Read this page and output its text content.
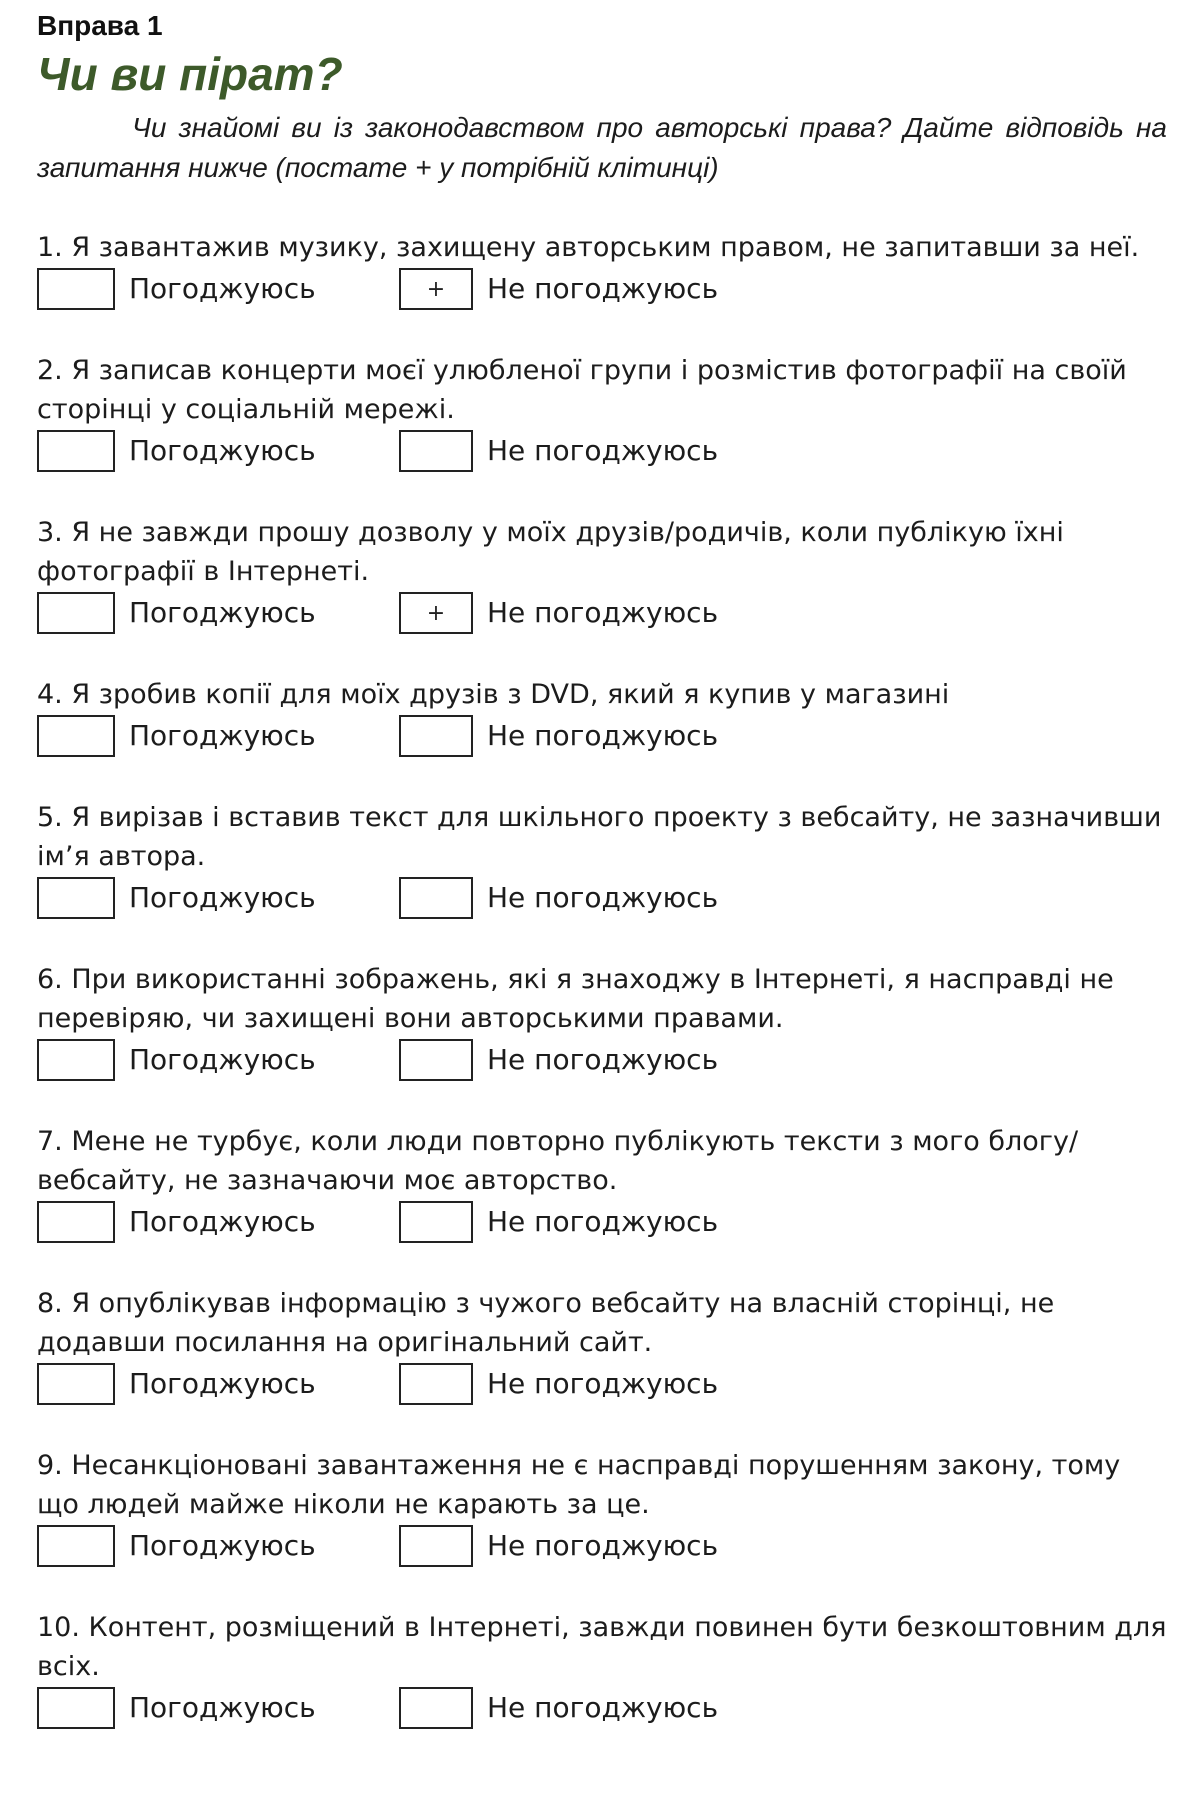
Вправа 1

Чи ви пірат?

Чи знайомі ви із законодавством про авторські права? Дайте відповідь на запитання нижче (постате + у потрібній клітинці)

1. Я завантажив музику, захищену авторським правом, не запитавши за неї.

Погоджуюсь	+	Не погоджуюсь

2. Я записав концерти моєї улюбленої групи і розмістив фотографії на своїй сторінці у соціальній мережі.

Погоджуюсь	Не погоджуюсь

3. Я не завжди прошу дозволу у моїх друзів/родичів, коли публікую їхні фотографії в Інтернеті.

Погоджуюсь	+	Не погоджуюсь

4. Я зробив копії для моїх друзів з DVD, який я купив у магазині

Погоджуюсь	Не погоджуюсь

5. Я вирізав і вставив текст для шкільного проекту з вебсайту, не зазначивши ім’я автора.

Погоджуюсь	Не погоджуюсь

6. При використанні зображень, які я знаходжу в Інтернеті, я насправді не перевіряю, чи захищені вони авторськими правами.

Погоджуюсь	Не погоджуюсь

7. Мене не турбує, коли люди повторно публікують тексти з мого блогу/вебсайту, не зазначаючи моє авторство.

Погоджуюсь	Не погоджуюсь

8. Я опублікував інформацію з чужого вебсайту на власній сторінці, не додавши посилання на оригінальний сайт.

Погоджуюсь	Не погоджуюсь

9. Несанкціоновані завантаження не є насправді порушенням закону, тому що людей майже ніколи не карають за це.

Погоджуюсь	Не погоджуюсь

10. Контент, розміщений в Інтернеті, завжди повинен бути безкоштовним для всіх.

Погоджуюсь	Не погоджуюсь
